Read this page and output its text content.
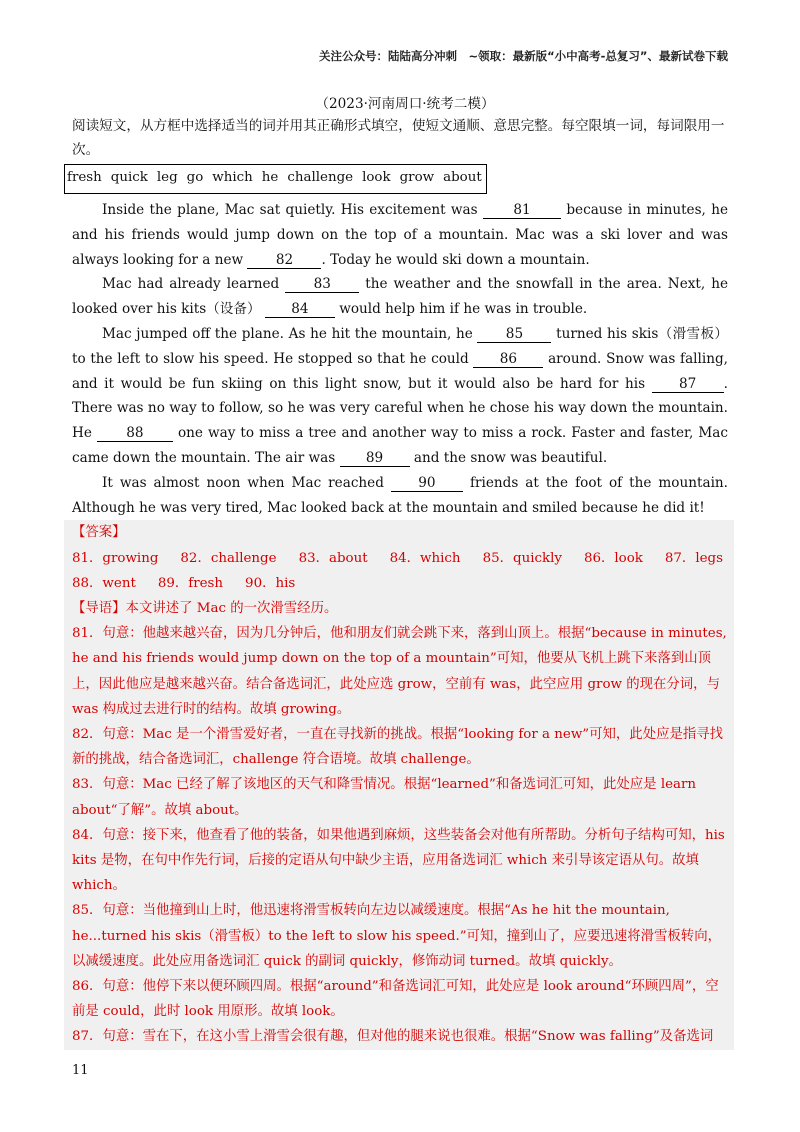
关注公众号：陆陆高分冲刺　~领取：最新版“小中高考-总复习”、最新试卷下载
（2023·河南周口·统考二模）
阅读短文，从方框中选择适当的词并用其正确形式填空，使短文通顺、意思完整。每空限填一词，每词限用一次。
fresh quick leg go which he challenge look grow about

Inside the plane, Mac sat quietly. His excitement was	81	because in minutes, he and his friends would jump down on the top of a mountain. Mac was a ski lover and was always looking for a new 82 . Today he would ski down a mountain.

Mac had already learned	83	the weather and the snowfall in the area. Next, he looked over his kits（设备） 84 would help him if he was in trouble.

Mac jumped off the plane. As he hit the mountain, he 85 turned his skis（滑雪板）to the left to slow his speed. He stopped so that he could 86 around. Snow was falling, and it would be fun skiing on this light snow, but it would also be hard for his 87 . There was no way to follow, so he was very careful when he chose his way down the mountain. He	88	one way to miss a tree and another way to miss a rock. Faster and faster, Mac came down the mountain. The air was 89 and the snow was beautiful.

It was almost noon when Mac reached	90	friends at the foot of the mountain. Although he was very tired, Mac looked back at the mountain and smiled because he did it!

【答案】

81．growing 82．challenge 83．about 84．which 85．quickly 86．look 87．legs

88．went 89．fresh 90．his

【导语】本文讲述了 Mac 的一次滑雪经历。

81．句意：他越来越兴奋，因为几分钟后，他和朋友们就会跳下来，落到山顶上。根据“because in minutes, he and his friends would jump down on the top of a mountain”可知，他要从飞机上跳下来落到山顶上，因此他应是越来越兴奋。结合备选词汇，此处应选 grow，空前有 was，此空应用 grow 的现在分词，与 was 构成过去进行时的结构。故填 growing。

82．句意：Mac 是一个滑雪爱好者，一直在寻找新的挑战。根据“looking for a new”可知，此处应是指寻找新的挑战，结合备选词汇，challenge 符合语境。故填 challenge。

83．句意：Mac 已经了解了该地区的天气和降雪情况。根据“learned”和备选词汇可知，此处应是 learn about“了解”。故填 about。

84．句意：接下来，他查看了他的装备，如果他遇到麻烦，这些装备会对他有所帮助。分析句子结构可知，his kits 是物，在句中作先行词，后接的定语从句中缺少主语，应用备选词汇 which 来引导该定语从句。故填 which。

85．句意：当他撞到山上时，他迅速将滑雪板转向左边以减缓速度。根据“As he hit the mountain, he...turned his skis（滑雪板）to the left to slow his speed.”可知，撞到山了，应要迅速将滑雪板转向，以减缓速度。此处应用备选词汇 quick 的副词 quickly，修饰动词 turned。故填 quickly。

86．句意：他停下来以便环顾四周。根据“around”和备选词汇可知，此处应是 look around“环顾四周”，空前是 could，此时 look 用原形。故填 look。

87．句意：雪在下，在这小雪上滑雪会很有趣，但对他的腿来说也很难。根据“Snow was falling”及备选词

11
